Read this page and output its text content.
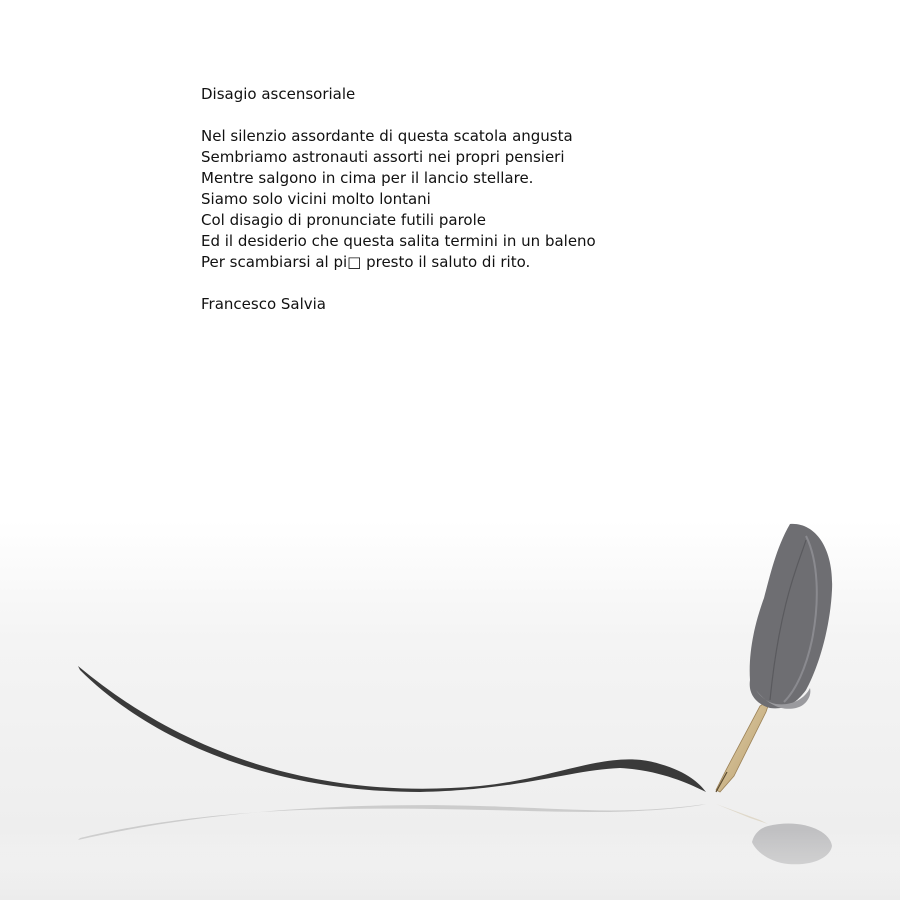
Disagio ascensoriale
Nel silenzio assordante di questa scatola angusta
Sembriamo astronauti assorti nei propri pensieri
Mentre salgono in cima per il lancio stellare.
Siamo solo vicini molto lontani
Col disagio di pronunciate futili parole
Ed il desiderio che questa salita termini in un baleno
Per scambiarsi al pi□ presto il saluto di rito.
Francesco Salvia
